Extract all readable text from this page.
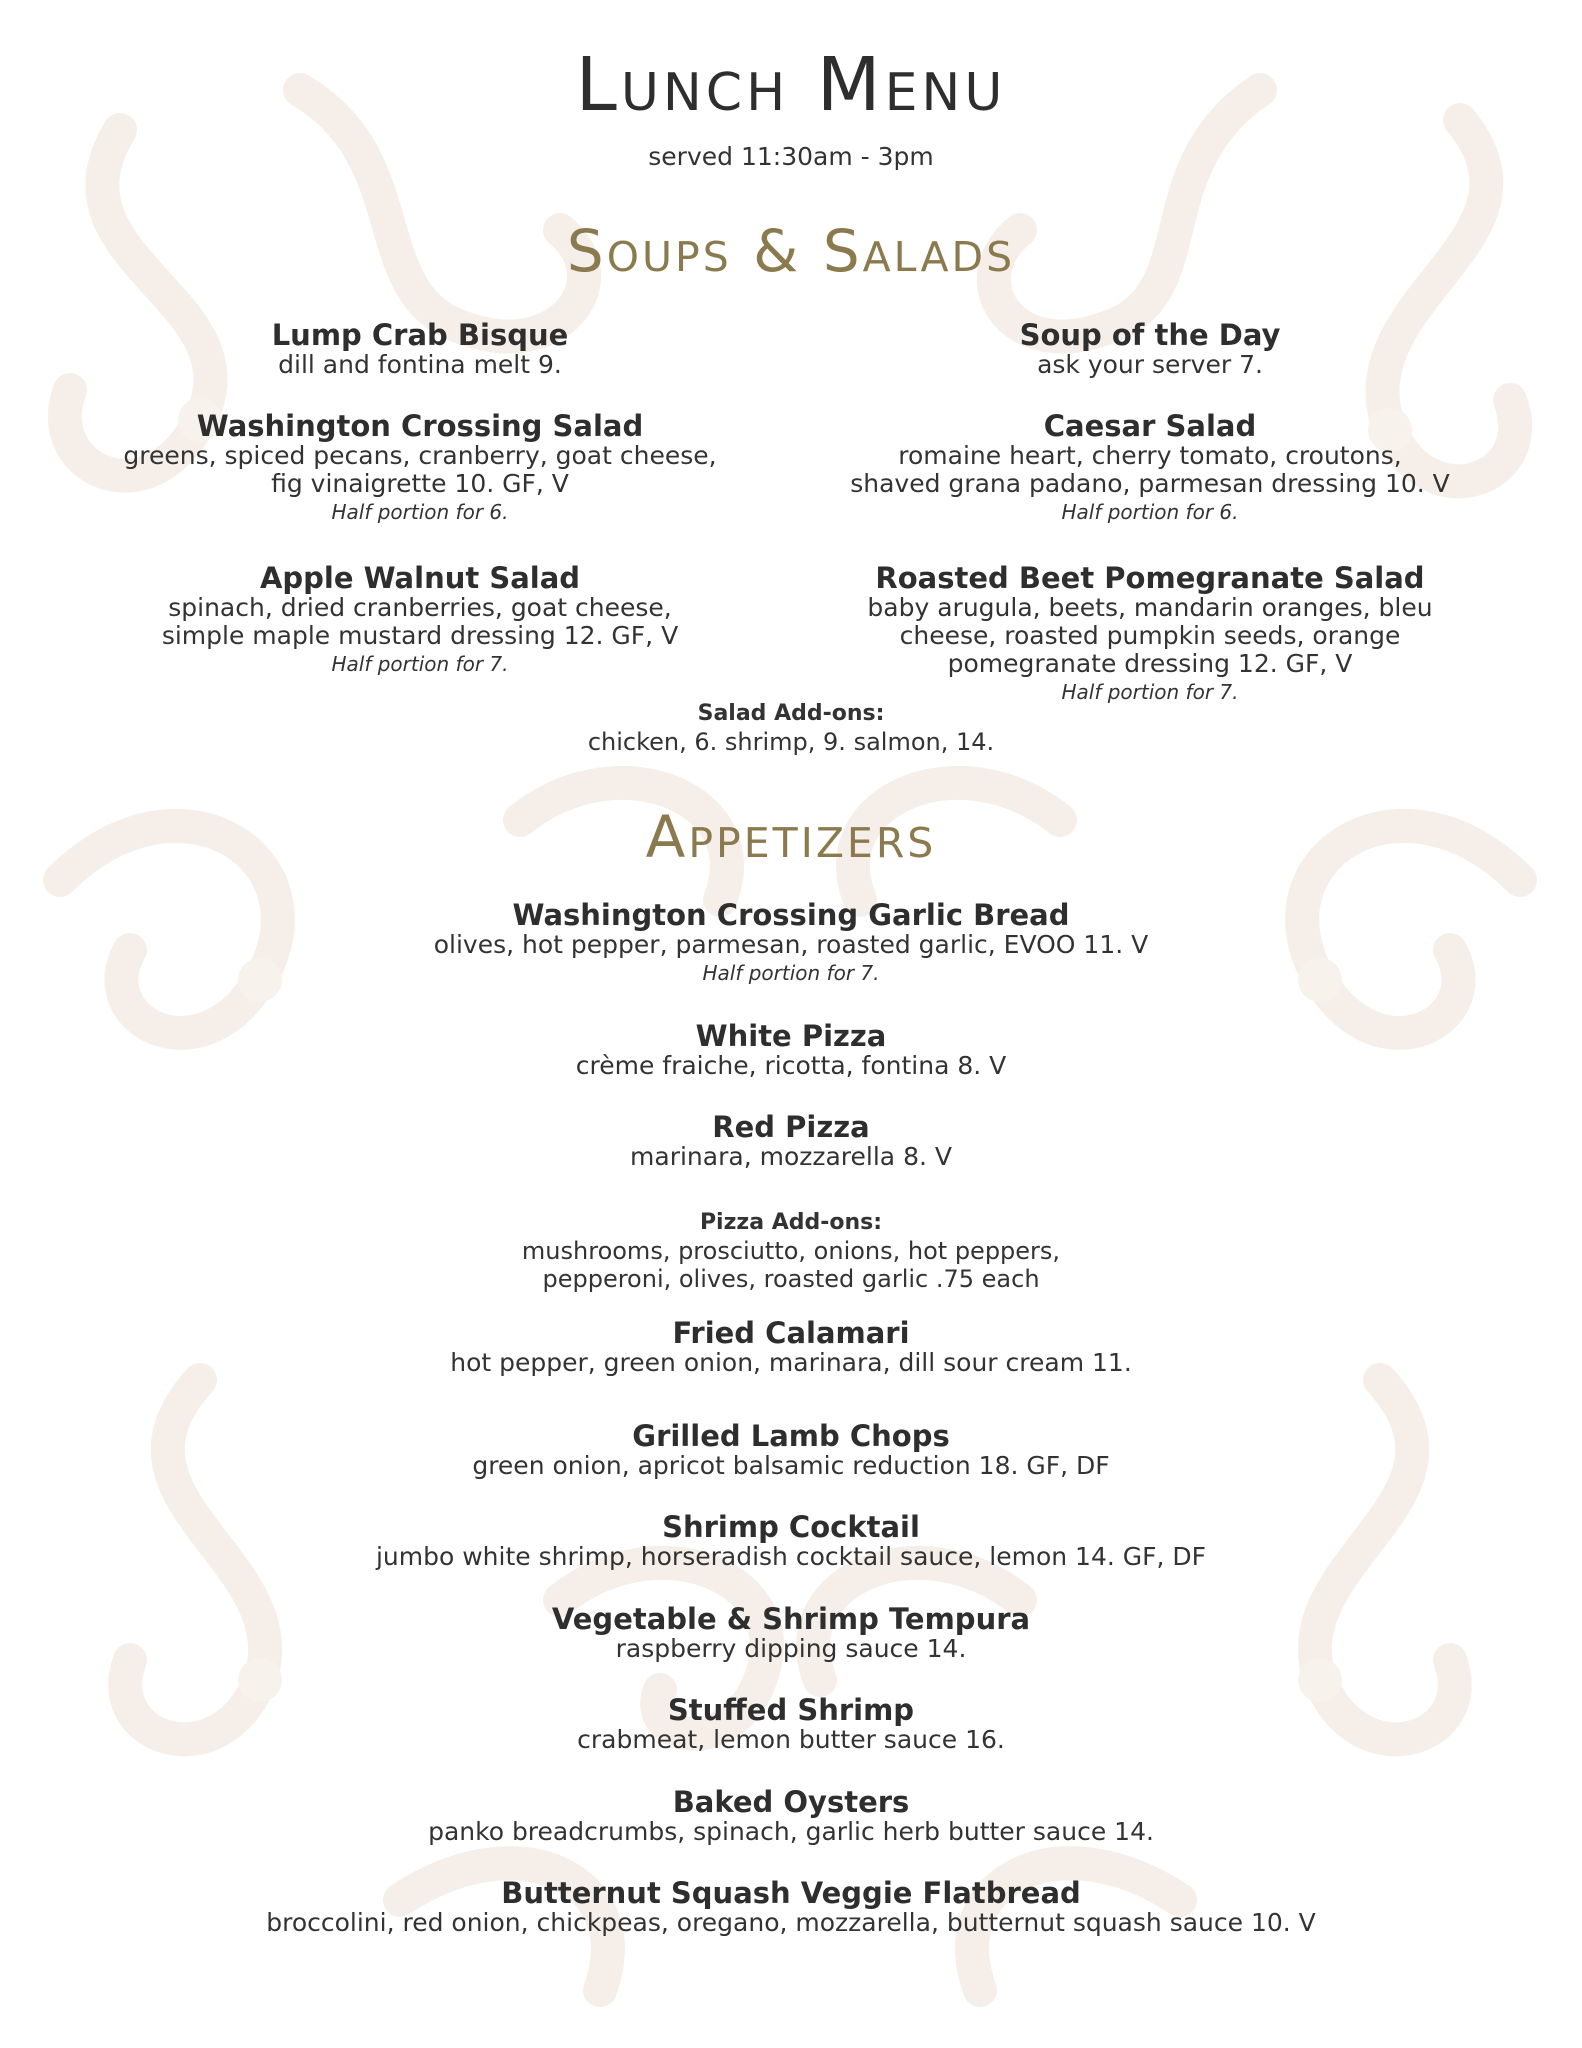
Lunch Menu
served 11:30am - 3pm
Soups & Salads
Lump Crab Bisque
dill and fontina melt 9.
Washington Crossing Salad
greens, spiced pecans, cranberry, goat cheese,
fig vinaigrette 10. GF, V
Half portion for 6.
Apple Walnut Salad
spinach, dried cranberries, goat cheese,
simple maple mustard dressing 12. GF, V
Half portion for 7.
Soup of the Day
ask your server 7.
Caesar Salad
romaine heart, cherry tomato, croutons,
shaved grana padano, parmesan dressing 10. V
Half portion for 6.
Roasted Beet Pomegranate Salad
baby arugula, beets, mandarin oranges, bleu
cheese, roasted pumpkin seeds, orange
pomegranate dressing 12. GF, V
Half portion for 7.
Salad Add-ons:
chicken, 6. shrimp, 9. salmon, 14.
Appetizers
Washington Crossing Garlic Bread
olives, hot pepper, parmesan, roasted garlic, EVOO 11. V
Half portion for 7.
White Pizza
crème fraiche, ricotta, fontina 8. V
Red Pizza
marinara, mozzarella 8. V
Pizza Add-ons:
mushrooms, prosciutto, onions, hot peppers,
pepperoni, olives, roasted garlic .75 each
Fried Calamari
hot pepper, green onion, marinara, dill sour cream 11.
Grilled Lamb Chops
green onion, apricot balsamic reduction 18. GF, DF
Shrimp Cocktail
jumbo white shrimp, horseradish cocktail sauce, lemon 14. GF, DF
Vegetable & Shrimp Tempura
raspberry dipping sauce 14.
Stuffed Shrimp
crabmeat, lemon butter sauce 16.
Baked Oysters
panko breadcrumbs, spinach, garlic herb butter sauce 14.
Butternut Squash Veggie Flatbread
broccolini, red onion, chickpeas, oregano, mozzarella, butternut squash sauce 10. V
